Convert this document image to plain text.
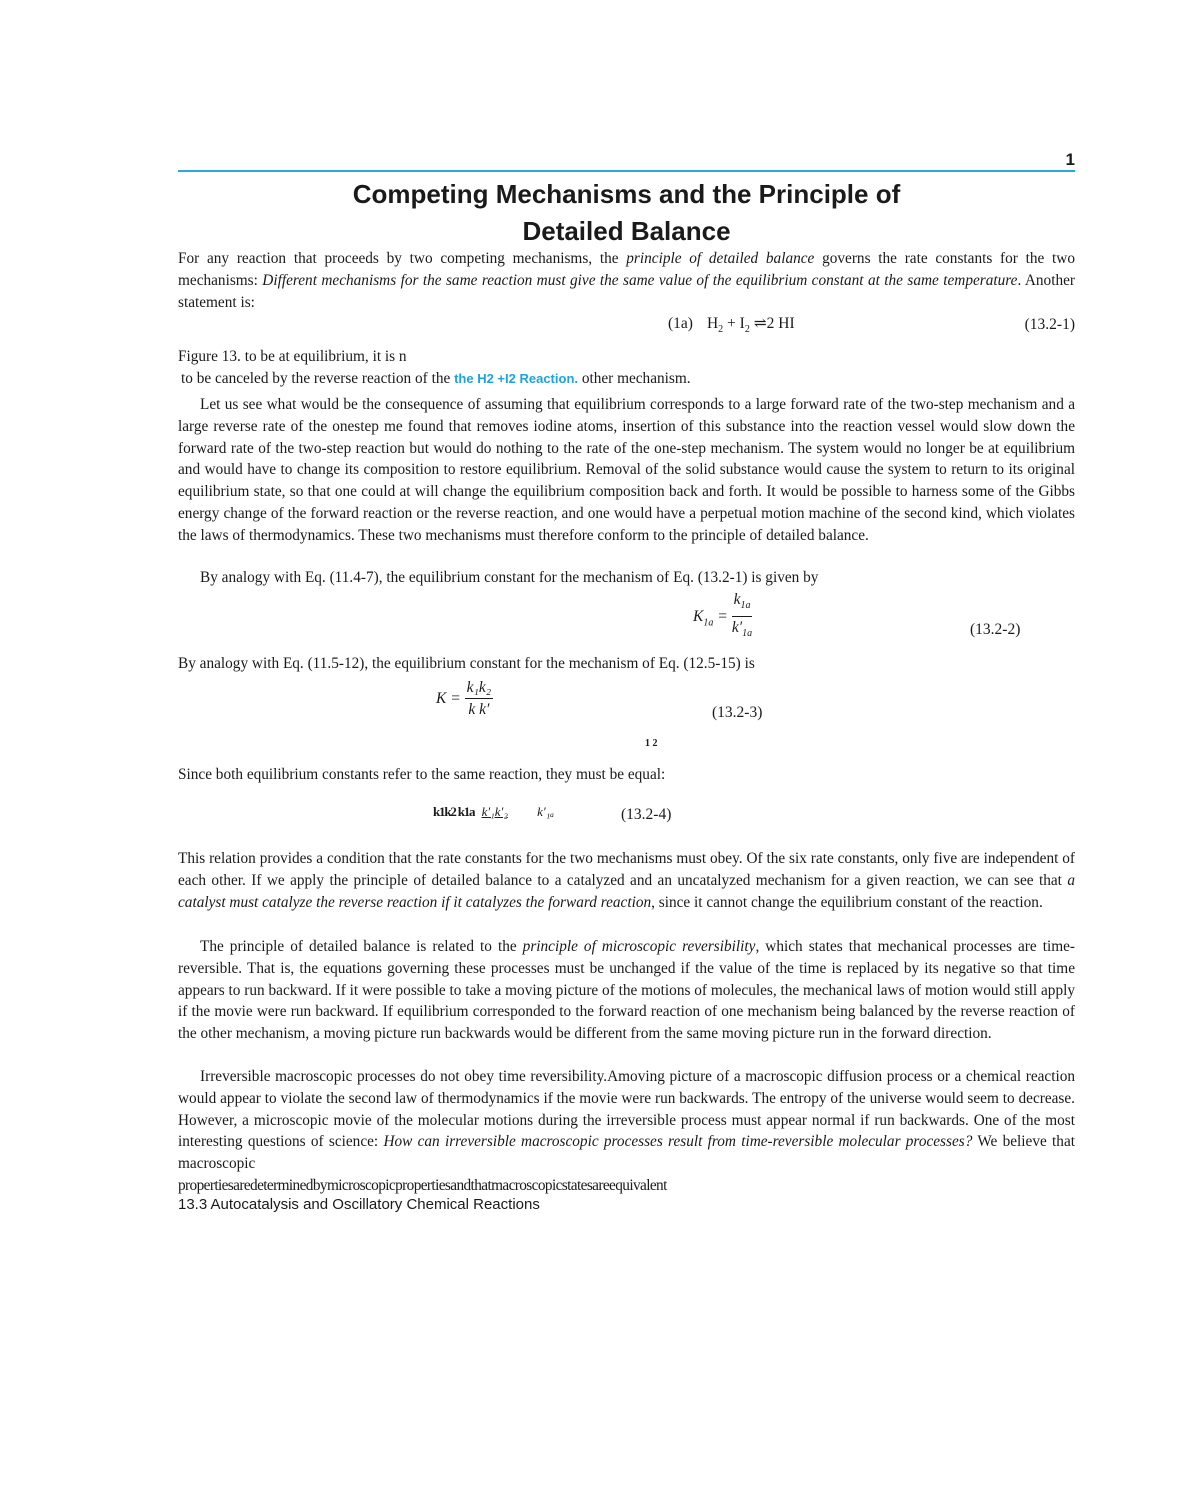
1
Competing Mechanisms and the Principle of
Detailed Balance
For any reaction that proceeds by two competing mechanisms, the principle of detailed balance governs the rate constants for the two mechanisms: Different mechanisms for the same reaction must give the same value of the equilibrium constant at the same temperature. Another statement is:
(1a) $H_2 + I_2$ ⇌2 HI	(13.2-1)
Figure 13. to be at equilibrium, it is n
to be canceled by the reverse reaction of the the H2 +I2 Reaction. other mechanism.
Let us see what would be the consequence of assuming that equilibrium corresponds to a large forward rate of the two-step mechanism and a large reverse rate of the onestep me found that removes iodine atoms, insertion of this substance into the reaction vessel would slow down the forward rate of the two-step reaction but would do nothing to the rate of the one-step mechanism. The system would no longer be at equilibrium and would have to change its composition to restore equilibrium. Removal of the solid substance would cause the system to return to its original equilibrium state, so that one could at will change the equilibrium composition back and forth. It would be possible to harness some of the Gibbs energy change of the forward reaction or the reverse reaction, and one would have a perpetual motion machine of the second kind, which violates the laws of thermodynamics. These two mechanisms must therefore conform to the principle of detailed balance.
By analogy with Eq. (11.4-7), the equilibrium constant for the mechanism of Eq. (13.2-1) is given by
$K_{1a} = \frac{k_{1a}}{k'_{1a}}$	(13.2-2)
By analogy with Eq. (11.5-12), the equilibrium constant for the mechanism of Eq. (12.5-15) is
$K = \frac{\text{k₁k₂}}{\text{k k′}}$	(13.2-3)
1 2
Since both equilibrium constants refer to the same reaction, they must be equal:
k1k2 k1a k′₁k′₂ k′₁ₐ	(13.2-4)
This relation provides a condition that the rate constants for the two mechanisms must obey. Of the six rate constants, only five are independent of each other. If we apply the principle of detailed balance to a catalyzed and an uncatalyzed mechanism for a given reaction, we can see that a catalyst must catalyze the reverse reaction if it catalyzes the forward reaction, since it cannot change the equilibrium constant of the reaction.
The principle of detailed balance is related to the principle of microscopic reversibility, which states that mechanical processes are time-reversible. That is, the equations governing these processes must be unchanged if the value of the time is replaced by its negative so that time appears to run backward. If it were possible to take a moving picture of the motions of molecules, the mechanical laws of motion would still apply if the movie were run backward. If equilibrium corresponded to the forward reaction of one mechanism being balanced by the reverse reaction of the other mechanism, a moving picture run backwards would be different from the same moving picture run in the forward direction.
Irreversible macroscopic processes do not obey time reversibility.Amoving picture of a macroscopic diffusion process or a chemical reaction would appear to violate the second law of thermodynamics if the movie were run backwards. The entropy of the universe would seem to decrease. However, a microscopic movie of the molecular motions during the irreversible process must appear normal if run backwards. One of the most interesting questions of science: How can irreversible macroscopic processes result from time-reversible molecular processes? We believe that macroscopic
propertiesaredeterminedbymicroscopicpropertiesandthatmacroscopicstatesareequivalent
13.3 Autocatalysis and Oscillatory Chemical Reactions
